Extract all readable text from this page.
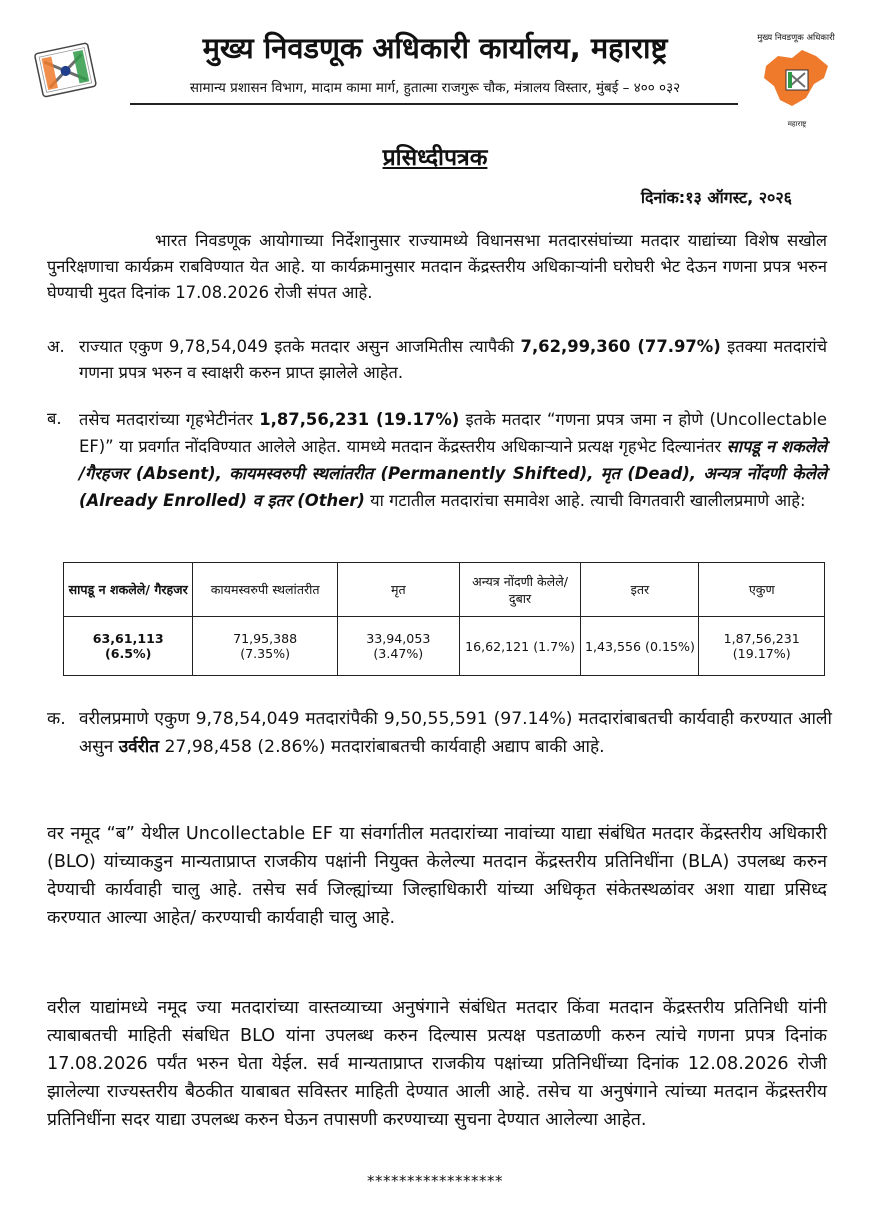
मुख्य निवडणूक अधिकारी कार्यालय, महाराष्ट्र
सामान्य प्रशासन विभाग, मादाम कामा मार्ग, हुतात्मा राजगुरू चौक, मंत्रालय विस्तार, मुंबई – ४०० ०३२
मुख्य निवडणूक अधिकारी
महाराष्ट्र
प्रसिध्दीपत्रक
दिनांक:१३ ऑगस्ट, २०२६

भारत निवडणूक आयोगाच्या निर्देशानुसार राज्यामध्ये विधानसभा मतदारसंघांच्या मतदार याद्यांच्या विशेष सखोल पुनरिक्षणाचा कार्यक्रम राबविण्यात येत आहे. या कार्यक्रमानुसार मतदान केंद्रस्तरीय अधिकाऱ्यांनी घरोघरी भेट देऊन गणना प्रपत्र भरुन घेण्याची मुदत दिनांक 17.08.2026 रोजी संपत आहे.

अ. राज्यात एकुण 9,78,54,049 इतके मतदार असुन आजमितीस त्यापैकी 7,62,99,360 (77.97%) इतक्या मतदारांचे गणना प्रपत्र भरुन व स्वाक्षरी करुन प्राप्त झालेले आहेत.

ब. तसेच मतदारांच्या गृहभेटीनंतर 1,87,56,231 (19.17%) इतके मतदार “गणना प्रपत्र जमा न होणे (Uncollectable EF)” या प्रवर्गात नोंदविण्यात आलेले आहेत. यामध्ये मतदान केंद्रस्तरीय अधिकाऱ्याने प्रत्यक्ष गृहभेट दिल्यानंतर सापडू न शकलेले /गैरहजर (Absent), कायमस्वरुपी स्थलांतरीत (Permanently Shifted), मृत (Dead), अन्यत्र नोंदणी केलेले (Already Enrolled) व इतर (Other) या गटातील मतदारांचा समावेश आहे. त्याची विगतवारी खालीलप्रमाणे आहे:

सापडू न शकलेले/ गैरहजर	कायमस्वरुपी स्थलांतरीत	मृत	अन्यत्र नोंदणी केलेले/ दुबार	इतर	एकुण
63,61,113
(6.5%)	71,95,388
(7.35%)	33,94,053
(3.47%)	16,62,121 (1.7%)	1,43,556 (0.15%)	1,87,56,231
(19.17%)
क. वरीलप्रमाणे एकुण 9,78,54,049 मतदारांपैकी 9,50,55,591 (97.14%) मतदारांबाबतची कार्यवाही करण्यात आली असुन उर्वरीत 27,98,458 (2.86%) मतदारांबाबतची कार्यवाही अद्याप बाकी आहे.

वर नमूद “ब” येथील Uncollectable EF या संवर्गातील मतदारांच्या नावांच्या याद्या संबंधित मतदार केंद्रस्तरीय अधिकारी (BLO) यांच्याकडुन मान्यताप्राप्त राजकीय पक्षांनी नियुक्त केलेल्या मतदान केंद्रस्तरीय प्रतिनिधींना (BLA) उपलब्ध करुन देण्याची कार्यवाही चालु आहे. तसेच सर्व जिल्ह्यांच्या जिल्हाधिकारी यांच्या अधिकृत संकेतस्थळांवर अशा याद्या प्रसिध्द करण्यात आल्या आहेत/ करण्याची कार्यवाही चालु आहे.

वरील याद्यांमध्ये नमूद ज्या मतदारांच्या वास्तव्याच्या अनुषंगाने संबंधित मतदार किंवा मतदान केंद्रस्तरीय प्रतिनिधी यांनी त्याबाबतची माहिती संबधित BLO यांना उपलब्ध करुन दिल्यास प्रत्यक्ष पडताळणी करुन त्यांचे गणना प्रपत्र दिनांक 17.08.2026 पर्यंत भरुन घेता येईल. सर्व मान्यताप्राप्त राजकीय पक्षांच्या प्रतिनिधींच्या दिनांक 12.08.2026 रोजी झालेल्या राज्यस्तरीय बैठकीत याबाबत सविस्तर माहिती देण्यात आली आहे. तसेच या अनुषंगाने त्यांच्या मतदान केंद्रस्तरीय प्रतिनिधींना सदर याद्या उपलब्ध करुन घेऊन तपासणी करण्याच्या सुचना देण्यात आलेल्या आहेत.

*****************
